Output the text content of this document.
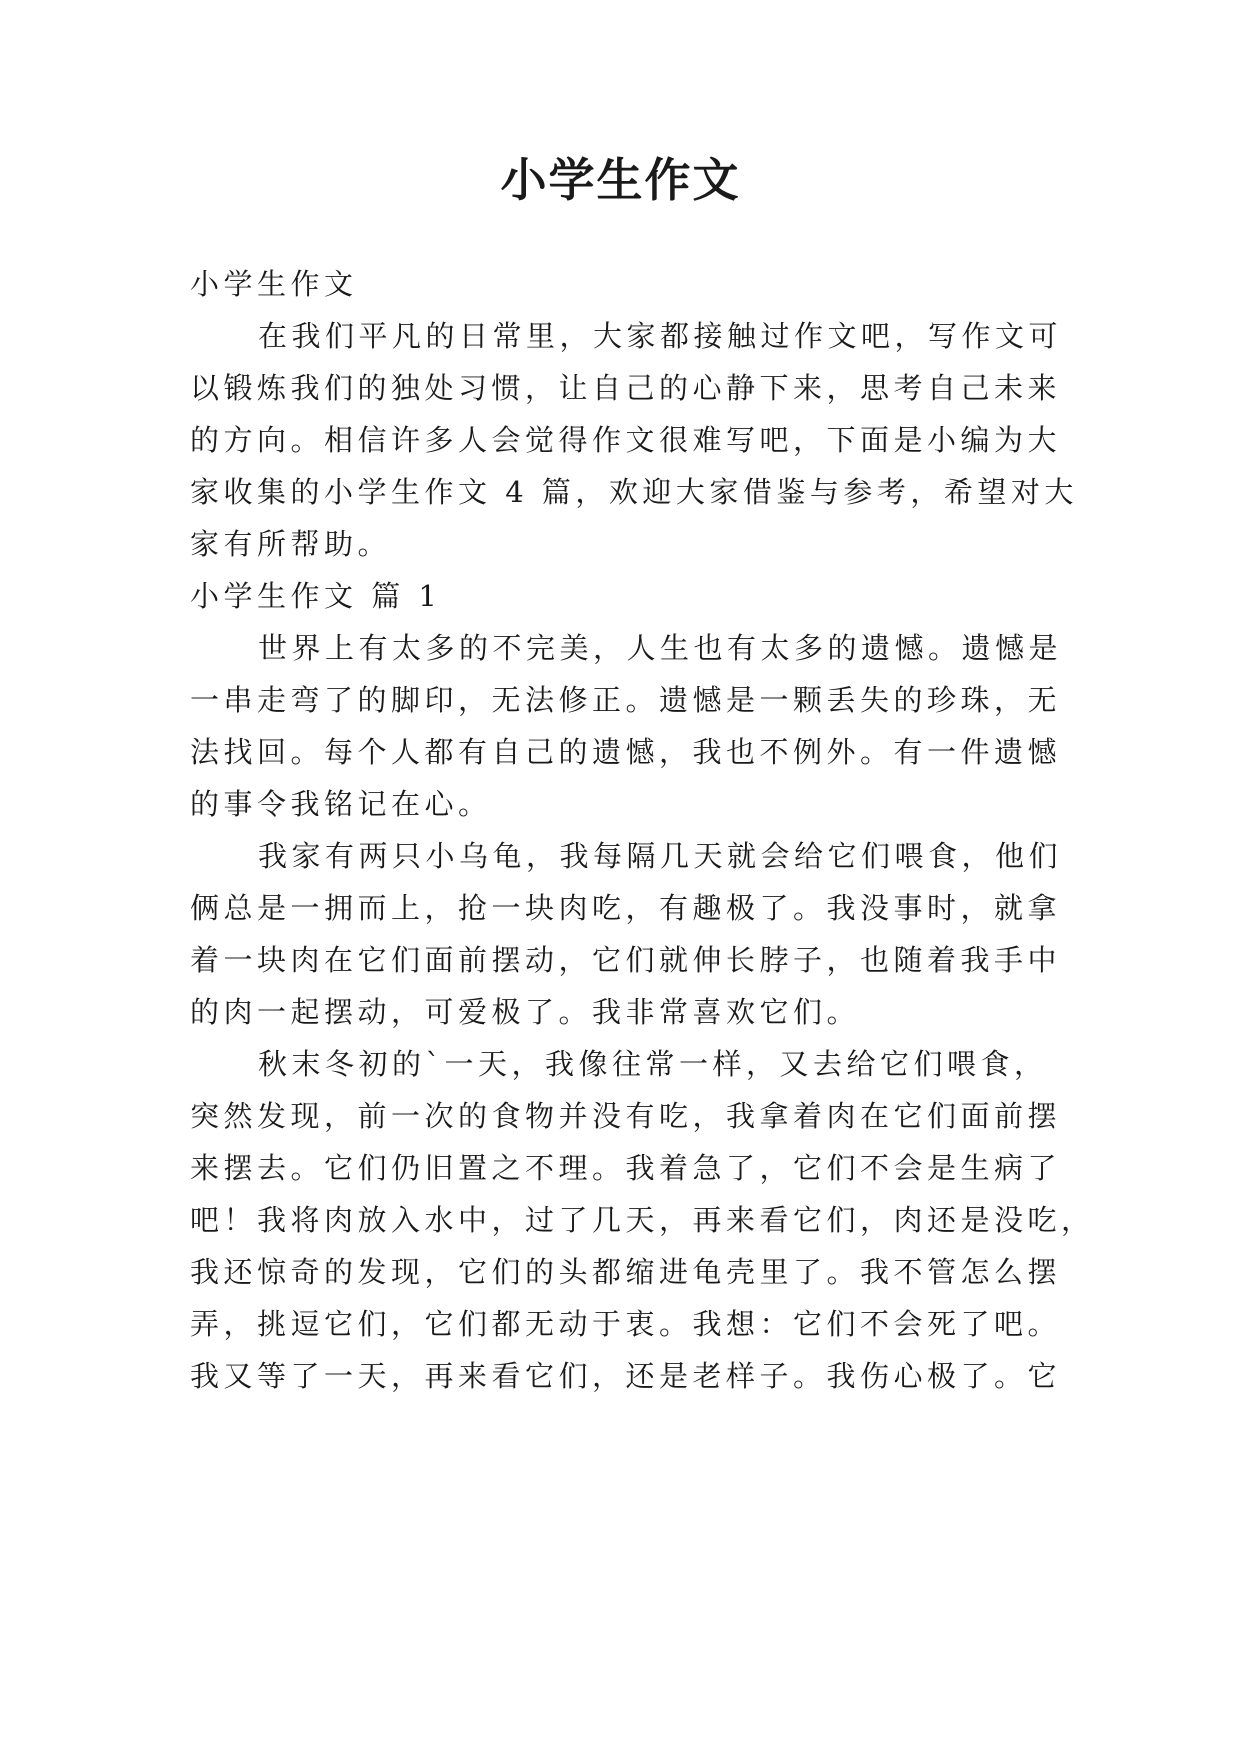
小学生作文
小学生作文
在我们平凡的日常里，大家都接触过作文吧，写作文可
以锻炼我们的独处习惯，让自己的心静下来，思考自己未来
的方向。相信许多人会觉得作文很难写吧，下面是小编为大
家收集的小学生作文 4 篇，欢迎大家借鉴与参考，希望对大
家有所帮助。
小学生作文 篇 1
世界上有太多的不完美，人生也有太多的遗憾。遗憾是
一串走弯了的脚印，无法修正。遗憾是一颗丢失的珍珠，无
法找回。每个人都有自己的遗憾，我也不例外。有一件遗憾
的事令我铭记在心。
我家有两只小乌龟，我每隔几天就会给它们喂食，他们
俩总是一拥而上，抢一块肉吃，有趣极了。我没事时，就拿
着一块肉在它们面前摆动，它们就伸长脖子，也随着我手中
的肉一起摆动，可爱极了。我非常喜欢它们。
秋末冬初的`一天，我像往常一样，又去给它们喂食，
突然发现，前一次的食物并没有吃，我拿着肉在它们面前摆
来摆去。它们仍旧置之不理。我着急了，它们不会是生病了
吧！我将肉放入水中，过了几天，再来看它们，肉还是没吃，
我还惊奇的发现，它们的头都缩进龟壳里了。我不管怎么摆
弄，挑逗它们，它们都无动于衷。我想：它们不会死了吧。
我又等了一天，再来看它们，还是老样子。我伤心极了。它
